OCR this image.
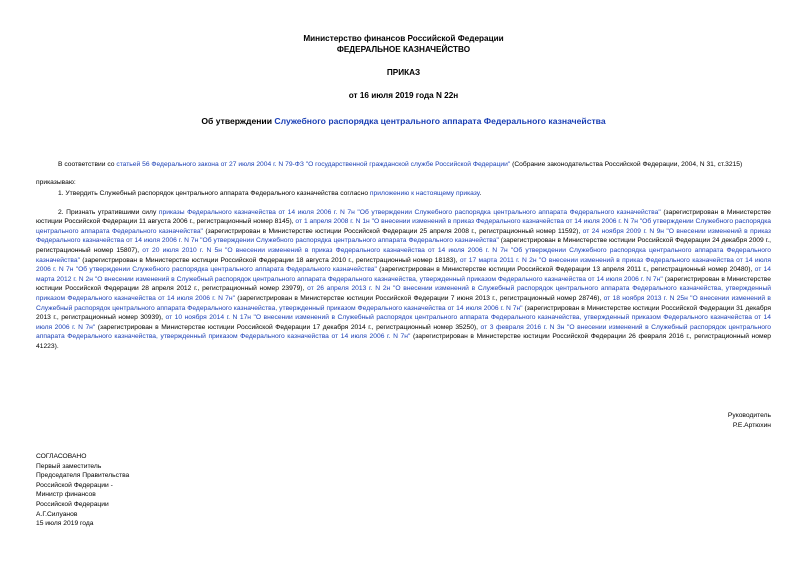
Министерство финансов Российской Федерации
ФЕДЕРАЛЬНОЕ КАЗНАЧЕЙСТВО
ПРИКАЗ
от 16 июля 2019 года N 22н
Об утверждении Служебного распорядка центрального аппарата Федерального казначейства

В соответствии со статьей 56 Федерального закона от 27 июля 2004 г. N 79-ФЗ "О государственной гражданской службе Российской Федерации" (Собрание законодательства Российской Федерации, 2004, N 31, ст.3215)

приказываю:

1. Утвердить Служебный распорядок центрального аппарата Федерального казначейства согласно приложению к настоящему приказу.

2. Признать утратившими силу приказы Федерального казначейства от 14 июля 2006 г. N 7н "Об утверждении Служебного распорядка центрального аппарата Федерального казначейства" (зарегистрирован в Министерстве юстиции Российской Федерации 11 августа 2006 г., регистрационный номер 8145), от 1 апреля 2008 г. N 1н "О внесении изменений в приказ Федерального казначейства от 14 июля 2006 г. N 7н "Об утверждении Служебного распорядка центрального аппарата Федерального казначейства" (зарегистрирован в Министерстве юстиции Российской Федерации 25 апреля 2008 г., регистрационный номер 11592), от 24 ноября 2009 г. N 9н "О внесении изменений в приказ Федерального казначейства от 14 июля 2006 г. N 7н "Об утверждении Служебного распорядка центрального аппарата Федерального казначейства" (зарегистрирован в Министерстве юстиции Российской Федерации 24 декабря 2009 г., регистрационный номер 15807), от 20 июля 2010 г. N 5н "О внесении изменений в приказ Федерального казначейства от 14 июля 2006 г. N 7н "Об утверждении Служебного распорядка центрального аппарата Федерального казначейства" (зарегистрирован в Министерстве юстиции Российской Федерации 18 августа 2010 г., регистрационный номер 18183), от 17 марта 2011 г. N 2н "О внесении изменений в приказ Федерального казначейства от 14 июля 2006 г. N 7н "Об утверждении Служебного распорядка центрального аппарата Федерального казначейства" (зарегистрирован в Министерстве юстиции Российской Федерации 13 апреля 2011 г., регистрационный номер 20480), от 14 марта 2012 г. N 2н "О внесении изменений в Служебный распорядок центрального аппарата Федерального казначейства, утвержденный приказом Федерального казначейства от 14 июля 2006 г. N 7н" (зарегистрирован в Министерстве юстиции Российской Федерации 28 апреля 2012 г., регистрационный номер 23979), от 26 апреля 2013 г. N 2н "О внесении изменений в Служебный распорядок центрального аппарата Федерального казначейства, утвержденный приказом Федерального казначейства от 14 июля 2006 г. N 7н" (зарегистрирован в Министерстве юстиции Российской Федерации 7 июня 2013 г., регистрационный номер 28746), от 18 ноября 2013 г. N 25н "О внесении изменений в Служебный распорядок центрального аппарата Федерального казначейства, утвержденный приказом Федерального казначейства от 14 июля 2006 г. N 7н" (зарегистрирован в Министерстве юстиции Российской Федерации 31 декабря 2013 г., регистрационный номер 30939), от 10 ноября 2014 г. N 17н "О внесении изменений в Служебный распорядок центрального аппарата Федерального казначейства, утвержденный приказом Федерального казначейства от 14 июля 2006 г. N 7н" (зарегистрирован в Министерстве юстиции Российской Федерации 17 декабря 2014 г., регистрационный номер 35250), от 3 февраля 2016 г. N 3н "О внесении изменений в Служебный распорядок центрального аппарата Федерального казначейства, утвержденный приказом Федерального казначейства от 14 июля 2006 г. N 7н" (зарегистрирован в Министерстве юстиции Российской Федерации 26 февраля 2016 г., регистрационный номер 41223).

Руководитель
Р.Е.Артюхин
СОГЛАСОВАНО
Первый заместитель
Председателя Правительства
Российской Федерации -
Министр финансов
Российской Федерации
А.Г.Силуанов
15 июля 2019 года
